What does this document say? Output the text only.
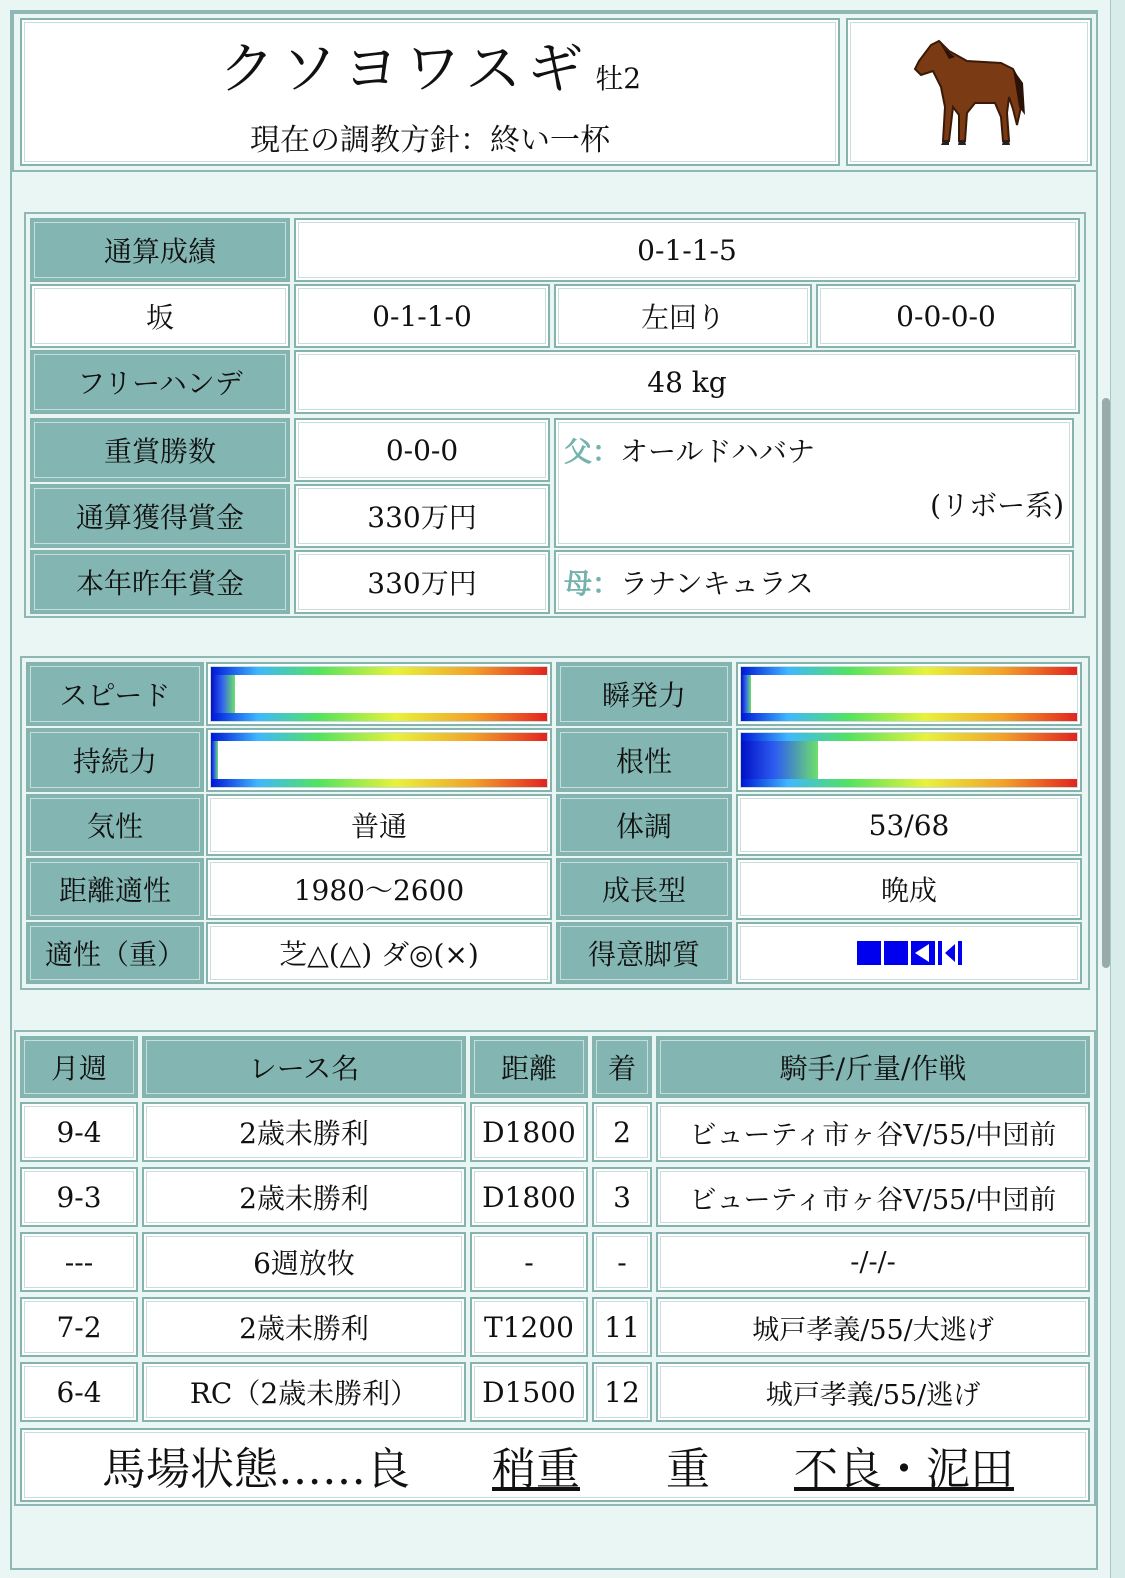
クソヨワスギ 牡2
現在の調教方針：終い一杯
通算成績	0-1-1-5
坂	0-1-1-0	左回り	0-0-0-0
フリーハンデ	48 kg
重賞勝数	0-0-0
通算獲得賞金	330万円
本年昨年賞金	330万円
父： オールドハバナ
(リボー系)
母： ラナンキュラス
スピード	瞬発力
持続力	根性
気性	普通	体調	53/68
距離適性	1980〜2600	成長型	晩成
適性（重）	芝△(△) ダ◎(×)	得意脚質
月週	レース名	距離	着	騎手/斤量/作戦
9-4	2歳未勝利	D1800	2	ビューティ市ヶ谷V/55/中団前
9-3	2歳未勝利	D1800	3	ビューティ市ヶ谷V/55/中団前
---	6週放牧	-	-	-/-/-
7-2	2歳未勝利	T1200	11	城戸孝義/55/大逃げ
6-4	RC（2歳未勝利）	D1500	12	城戸孝義/55/逃げ
馬場状態……良 稍重 重 不良・泥田
